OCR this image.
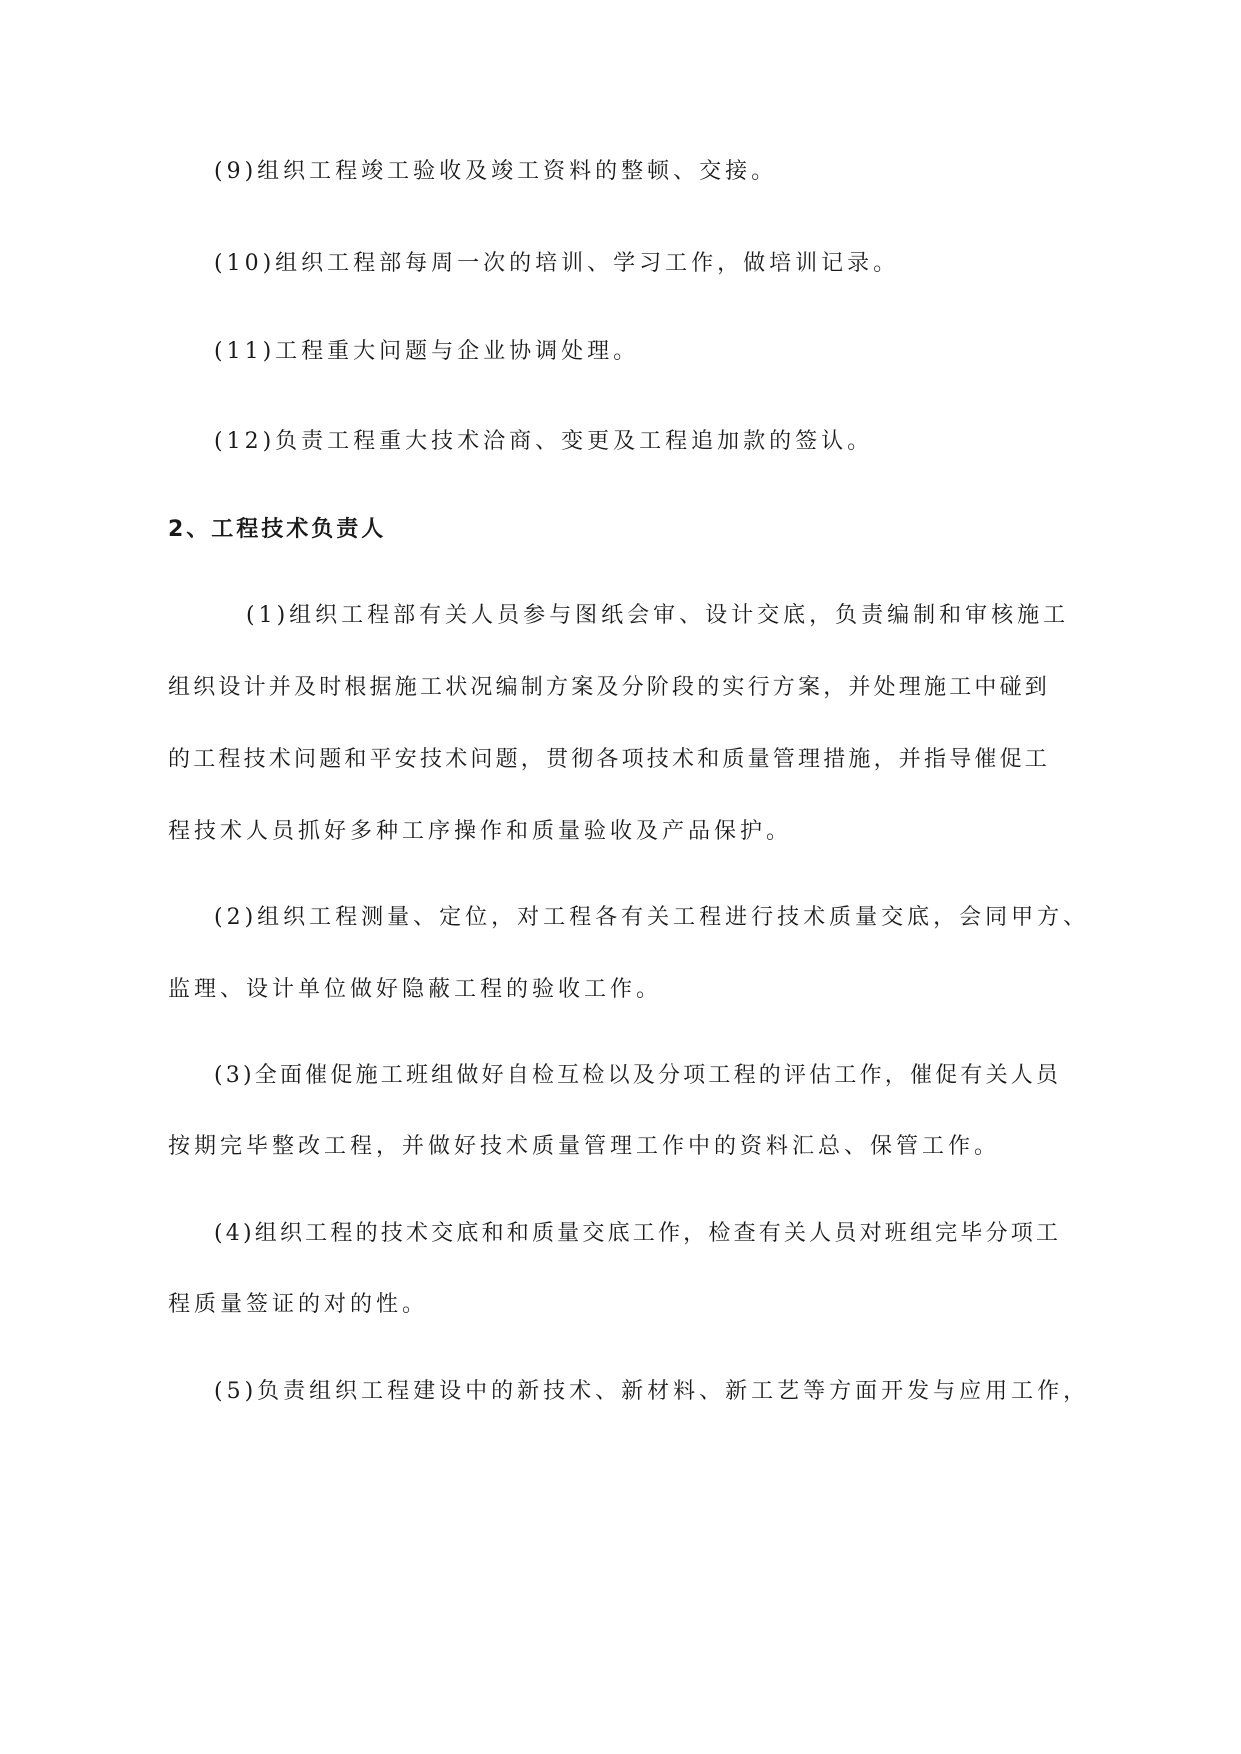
(9)组织工程竣工验收及竣工资料的整顿、交接。
(10)组织工程部每周一次的培训、学习工作，做培训记录。
(11)工程重大问题与企业协调处理。
(12)负责工程重大技术洽商、变更及工程追加款的签认。
2、工程技术负责人
(1)组织工程部有关人员参与图纸会审、设计交底，负责编制和审核施工
组织设计并及时根据施工状况编制方案及分阶段的实行方案，并处理施工中碰到
的工程技术问题和平安技术问题，贯彻各项技术和质量管理措施，并指导催促工
程技术人员抓好多种工序操作和质量验收及产品保护。
(2)组织工程测量、定位，对工程各有关工程进行技术质量交底，会同甲方、
监理、设计单位做好隐蔽工程的验收工作。
(3)全面催促施工班组做好自检互检以及分项工程的评估工作，催促有关人员
按期完毕整改工程，并做好技术质量管理工作中的资料汇总、保管工作。
(4)组织工程的技术交底和和质量交底工作，检查有关人员对班组完毕分项工
程质量签证的对的性。
(5)负责组织工程建设中的新技术、新材料、新工艺等方面开发与应用工作，
